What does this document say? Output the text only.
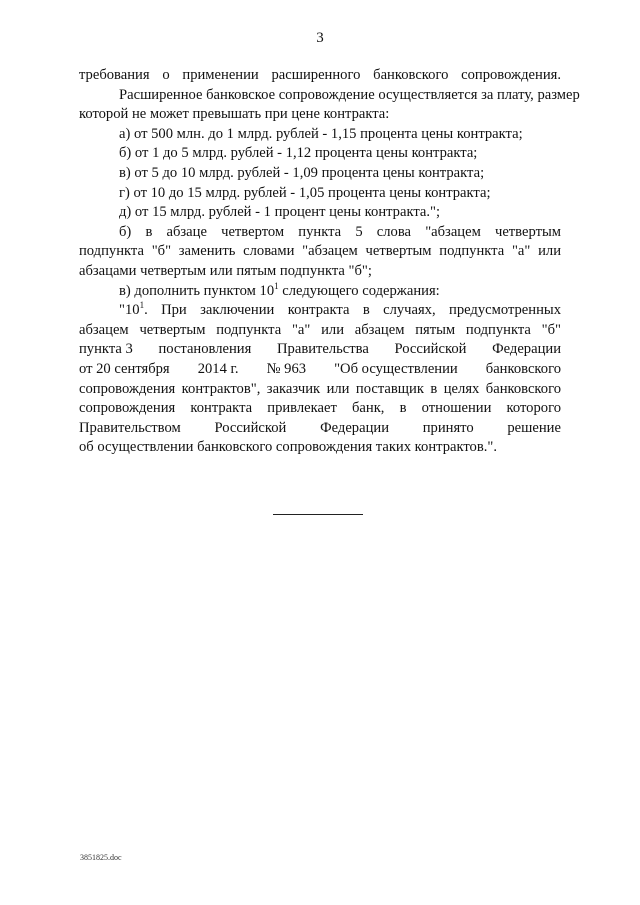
3
требования о применении расширенного банковского сопровождения.
Расширенное банковское сопровождение осуществляется за плату, размер
которой не может превышать при цене контракта:
а) от 500 млн. до 1 млрд. рублей - 1,15 процента цены контракта;
б) от 1 до 5 млрд. рублей - 1,12 процента цены контракта;
в) от 5 до 10 млрд. рублей - 1,09 процента цены контракта;
г) от 10 до 15 млрд. рублей - 1,05 процента цены контракта;
д) от 15 млрд. рублей - 1 процент цены контракта.";
б) в абзаце четвертом пункта 5 слова "абзацем четвертым
подпункта "б" заменить словами "абзацем четвертым подпункта "а" или
абзацами четвертым или пятым подпункта "б";
в) дополнить пунктом $10^1$ следующего содержания:
"$10^1$. При заключении контракта в случаях, предусмотренных
абзацем четвертым подпункта "а" или абзацем пятым подпункта "б"
пункта 3 постановления Правительства Российской Федерации
от 20 сентября 2014 г. № 963 "Об осуществлении банковского
сопровождения контрактов", заказчик или поставщик в целях банковского
сопровождения контракта привлекает банк, в отношении которого
Правительством Российской Федерации принято решение
об осуществлении банковского сопровождения таких контрактов.".
3851825.doc
